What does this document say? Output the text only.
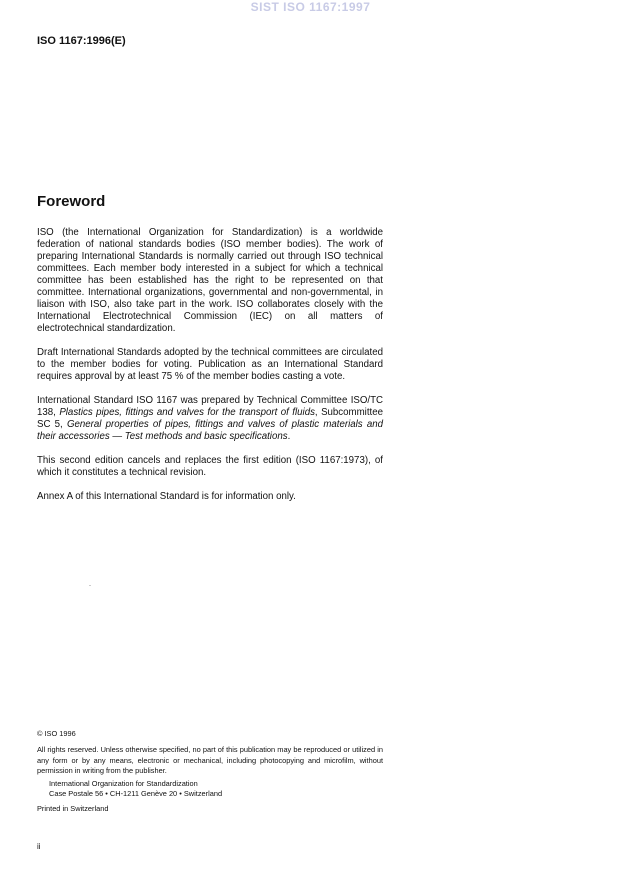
SIST ISO 1167:1997
ISO 1167:1996(E)
Foreword

ISO (the International Organization for Standardization) is a worldwide federation of national standards bodies (ISO member bodies). The work of preparing International Standards is normally carried out through ISO technical committees. Each member body interested in a subject for which a technical committee has been established has the right to be represented on that committee. International organizations, governmental and non-governmental, in liaison with ISO, also take part in the work. ISO collaborates closely with the International Electrotechnical Commission (IEC) on all matters of electrotechnical standardization.

Draft International Standards adopted by the technical committees are circulated to the member bodies for voting. Publication as an International Standard requires approval by at least 75 % of the member bodies casting a vote.

International Standard ISO 1167 was prepared by Technical Committee ISO/TC 138, Plastics pipes, fittings and valves for the transport of fluids, Subcommittee SC 5, General properties of pipes, fittings and valves of plastic materials and their accessories — Test methods and basic specifications.

This second edition cancels and replaces the first edition (ISO 1167:1973), of which it constitutes a technical revision.

Annex A of this International Standard is for information only.

© ISO 1996
All rights reserved. Unless otherwise specified, no part of this publication may be reproduced or utilized in any form or by any means, electronic or mechanical, including photocopying and microfilm, without permission in writing from the publisher.
International Organization for Standardization
Case Postale 56 • CH-1211 Genève 20 • Switzerland
Printed in Switzerland
ii
